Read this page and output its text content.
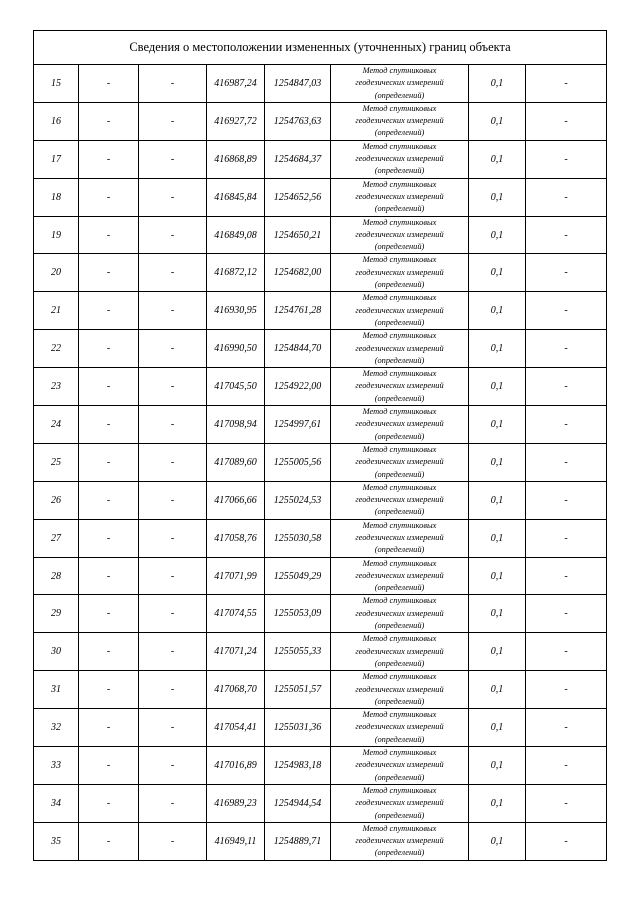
Сведения о местоположении измененных (уточненных) границ объекта							
15	-	-	416987,24	1254847,03	Метод спутниковых
геодезических измерений
(определений)	0,1	-
16	-	-	416927,72	1254763,63	Метод спутниковых
геодезических измерений
(определений)	0,1	-
17	-	-	416868,89	1254684,37	Метод спутниковых
геодезических измерений
(определений)	0,1	-
18	-	-	416845,84	1254652,56	Метод спутниковых
геодезических измерений
(определений)	0,1	-
19	-	-	416849,08	1254650,21	Метод спутниковых
геодезических измерений
(определений)	0,1	-
20	-	-	416872,12	1254682,00	Метод спутниковых
геодезических измерений
(определений)	0,1	-
21	-	-	416930,95	1254761,28	Метод спутниковых
геодезических измерений
(определений)	0,1	-
22	-	-	416990,50	1254844,70	Метод спутниковых
геодезических измерений
(определений)	0,1	-
23	-	-	417045,50	1254922,00	Метод спутниковых
геодезических измерений
(определений)	0,1	-
24	-	-	417098,94	1254997,61	Метод спутниковых
геодезических измерений
(определений)	0,1	-
25	-	-	417089,60	1255005,56	Метод спутниковых
геодезических измерений
(определений)	0,1	-
26	-	-	417066,66	1255024,53	Метод спутниковых
геодезических измерений
(определений)	0,1	-
27	-	-	417058,76	1255030,58	Метод спутниковых
геодезических измерений
(определений)	0,1	-
28	-	-	417071,99	1255049,29	Метод спутниковых
геодезических измерений
(определений)	0,1	-
29	-	-	417074,55	1255053,09	Метод спутниковых
геодезических измерений
(определений)	0,1	-
30	-	-	417071,24	1255055,33	Метод спутниковых
геодезических измерений
(определений)	0,1	-
31	-	-	417068,70	1255051,57	Метод спутниковых
геодезических измерений
(определений)	0,1	-
32	-	-	417054,41	1255031,36	Метод спутниковых
геодезических измерений
(определений)	0,1	-
33	-	-	417016,89	1254983,18	Метод спутниковых
геодезических измерений
(определений)	0,1	-
34	-	-	416989,23	1254944,54	Метод спутниковых
геодезических измерений
(определений)	0,1	-
35	-	-	416949,11	1254889,71	Метод спутниковых
геодезических измерений
(определений)	0,1	-
